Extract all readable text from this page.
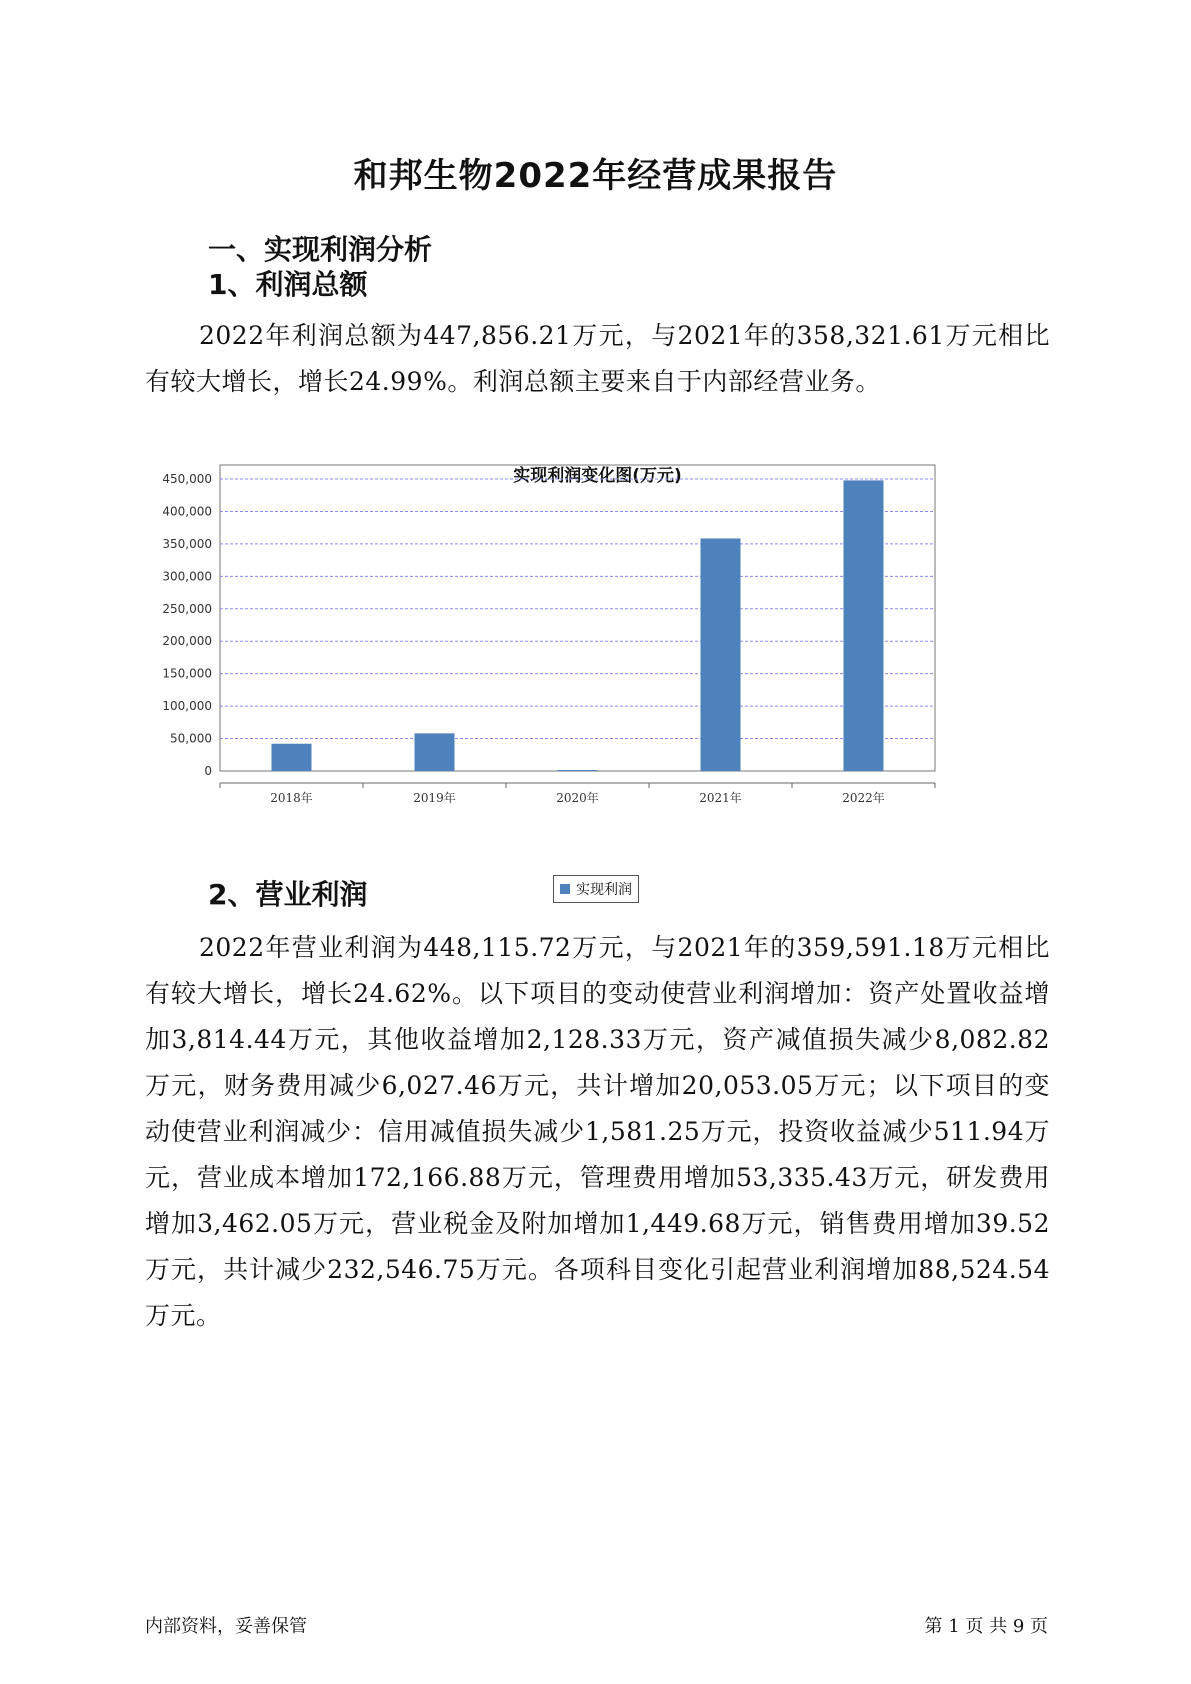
和邦生物2022年经营成果报告
一、实现利润分析
1、利润总额
2022年利润总额为447,856.21万元，与2021年的358,321.61万元相比有较大增长，增长24.99%。利润总额主要来自于内部经营业务。
实现利润变化图(万元)
0
50,000
100,000
150,000
200,000
250,000
300,000
350,000
400,000
450,000
2018年	2019年	2020年	2021年	2022年
实现利润
2、营业利润
2022年营业利润为448,115.72万元，与2021年的359,591.18万元相比有较大增长，增长24.62%。以下项目的变动使营业利润增加：资产处置收益增加3,814.44万元，其他收益增加2,128.33万元，资产减值损失减少8,082.82万元，财务费用减少6,027.46万元，共计增加20,053.05万元；以下项目的变动使营业利润减少：信用减值损失减少1,581.25万元，投资收益减少511.94万元，营业成本增加172,166.88万元，管理费用增加53,335.43万元，研发费用增加3,462.05万元，营业税金及附加增加1,449.68万元，销售费用增加39.52万元，共计减少232,546.75万元。各项科目变化引起营业利润增加88,524.54万元。
内部资料，妥善保管	第 1 页 共 9 页
